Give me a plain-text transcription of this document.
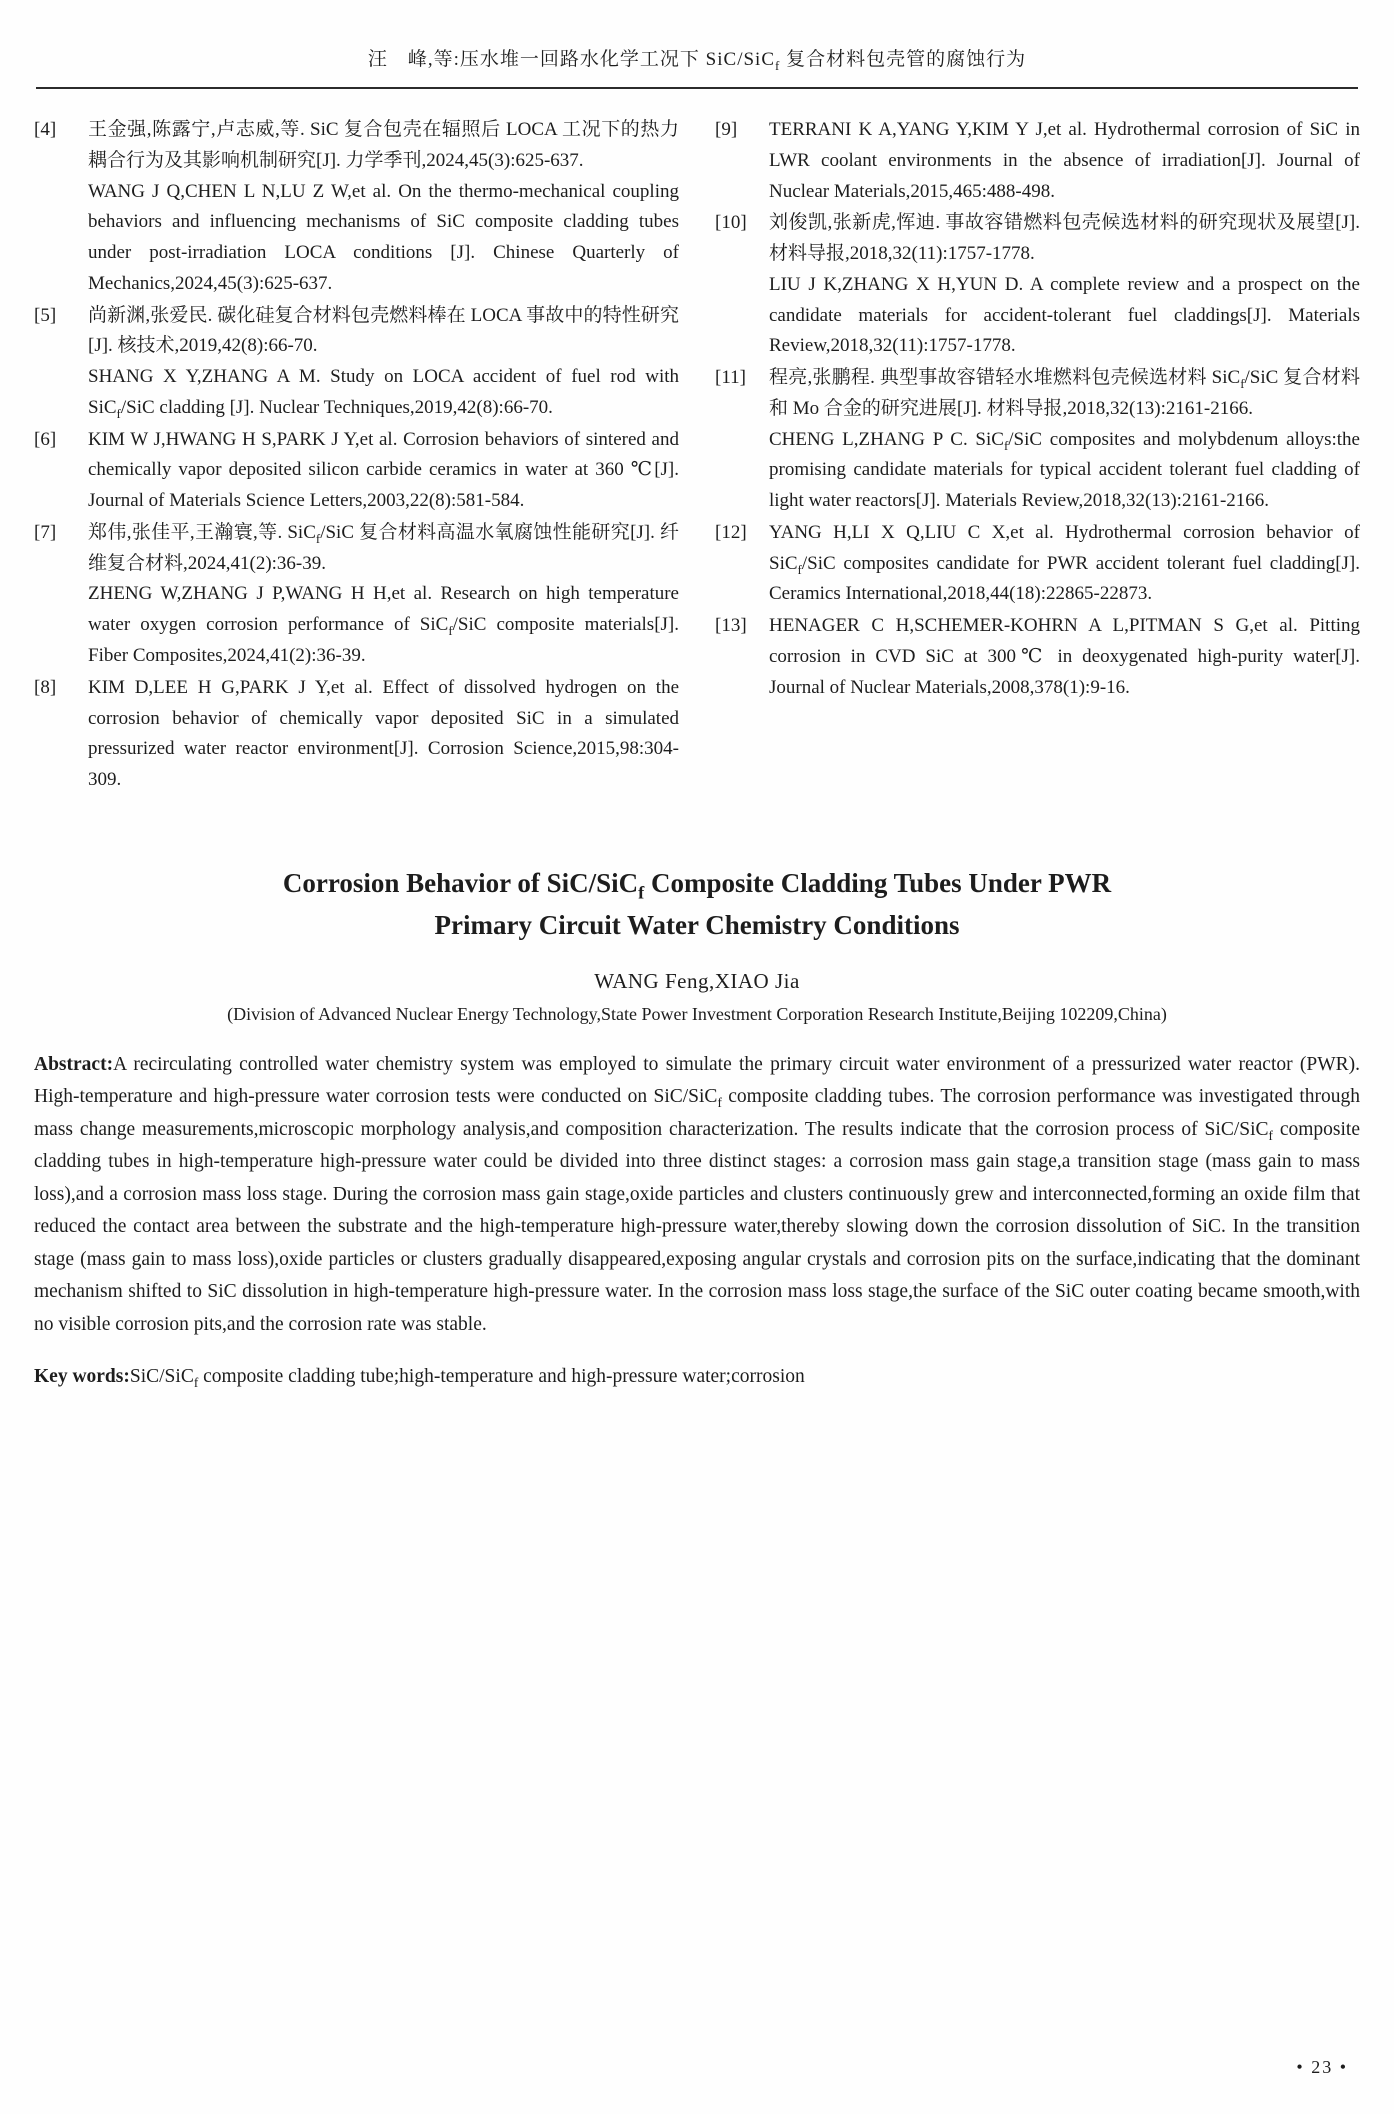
汪　峰,等:压水堆一回路水化学工况下 SiC/SiC$_f$ 复合材料包壳管的腐蚀行为
[4]	王金强,陈露宁,卢志威,等. SiC 复合包壳在辐照后 LOCA 工况下的热力耦合行为及其影响机制研究[J]. 力学季刊,2024,45(3):625-637.
WANG J Q,CHEN L N,LU Z W,et al. On the thermo-mechanical coupling behaviors and influencing mechanisms of SiC composite cladding tubes under post-irradiation LOCA conditions [J]. Chinese Quarterly of Mechanics,2024,45(3):625-637.
[5]	尚新渊,张爱民. 碳化硅复合材料包壳燃料棒在 LOCA 事故中的特性研究[J]. 核技术,2019,42(8):66-70.
SHANG X Y,ZHANG A M. Study on LOCA accident of fuel rod with SiC$_f$/SiC cladding [J]. Nuclear Techniques,2019,42(8):66-70.
[6]	KIM W J,HWANG H S,PARK J Y,et al. Corrosion behaviors of sintered and chemically vapor deposited silicon carbide ceramics in water at 360 ℃[J]. Journal of Materials Science Letters,2003,22(8):581-584.
[7]	郑伟,张佳平,王瀚寰,等. SiC$_f$/SiC 复合材料高温水氧腐蚀性能研究[J]. 纤维复合材料,2024,41(2):36-39.
ZHENG W,ZHANG J P,WANG H H,et al. Research on high temperature water oxygen corrosion performance of SiC$_f$/SiC composite materials[J]. Fiber Composites,2024,41(2):36-39.
[8]	KIM D,LEE H G,PARK J Y,et al. Effect of dissolved hydrogen on the corrosion behavior of chemically vapor deposited SiC in a simulated pressurized water reactor environment[J]. Corrosion Science,2015,98:304-309.
[9]	TERRANI K A,YANG Y,KIM Y J,et al. Hydrothermal corrosion of SiC in LWR coolant environments in the absence of irradiation[J]. Journal of Nuclear Materials,2015,465:488-498.
[10]	刘俊凯,张新虎,恽迪. 事故容错燃料包壳候选材料的研究现状及展望[J]. 材料导报,2018,32(11):1757-1778.
LIU J K,ZHANG X H,YUN D. A complete review and a prospect on the candidate materials for accident-tolerant fuel claddings[J]. Materials Review,2018,32(11):1757-1778.
[11]	程亮,张鹏程. 典型事故容错轻水堆燃料包壳候选材料 SiC$_f$/SiC 复合材料和 Mo 合金的研究进展[J]. 材料导报,2018,32(13):2161-2166.
CHENG L,ZHANG P C. SiC$_f$/SiC composites and molybdenum alloys:the promising candidate materials for typical accident tolerant fuel cladding of light water reactors[J]. Materials Review,2018,32(13):2161-2166.
[12]	YANG H,LI X Q,LIU C X,et al. Hydrothermal corrosion behavior of SiC$_f$/SiC composites candidate for PWR accident tolerant fuel cladding[J]. Ceramics International,2018,44(18):22865-22873.
[13]	HENAGER C H,SCHEMER-KOHRN A L,PITMAN S G,et al. Pitting corrosion in CVD SiC at 300℃ in deoxygenated high-purity water[J]. Journal of Nuclear Materials,2008,378(1):9-16.
Corrosion Behavior of SiC/SiC$_f$ Composite Cladding Tubes Under PWR Primary Circuit Water Chemistry Conditions
WANG Feng,XIAO Jia
(Division of Advanced Nuclear Energy Technology,State Power Investment Corporation Research Institute,Beijing 102209,China)

Abstract:A recirculating controlled water chemistry system was employed to simulate the primary circuit water environment of a pressurized water reactor (PWR). High-temperature and high-pressure water corrosion tests were conducted on SiC/SiC$_f$ composite cladding tubes. The corrosion performance was investigated through mass change measurements,microscopic morphology analysis,and composition characterization. The results indicate that the corrosion process of SiC/SiC$_f$ composite cladding tubes in high-temperature high-pressure water could be divided into three distinct stages: a corrosion mass gain stage,a transition stage (mass gain to mass loss),and a corrosion mass loss stage. During the corrosion mass gain stage,oxide particles and clusters continuously grew and interconnected,forming an oxide film that reduced the contact area between the substrate and the high-temperature high-pressure water,thereby slowing down the corrosion dissolution of SiC. In the transition stage (mass gain to mass loss),oxide particles or clusters gradually disappeared,exposing angular crystals and corrosion pits on the surface,indicating that the dominant mechanism shifted to SiC dissolution in high-temperature high-pressure water. In the corrosion mass loss stage,the surface of the SiC outer coating became smooth,with no visible corrosion pits,and the corrosion rate was stable.

Key words:SiC/SiC$_f$ composite cladding tube;high-temperature and high-pressure water;corrosion

• 23 •
